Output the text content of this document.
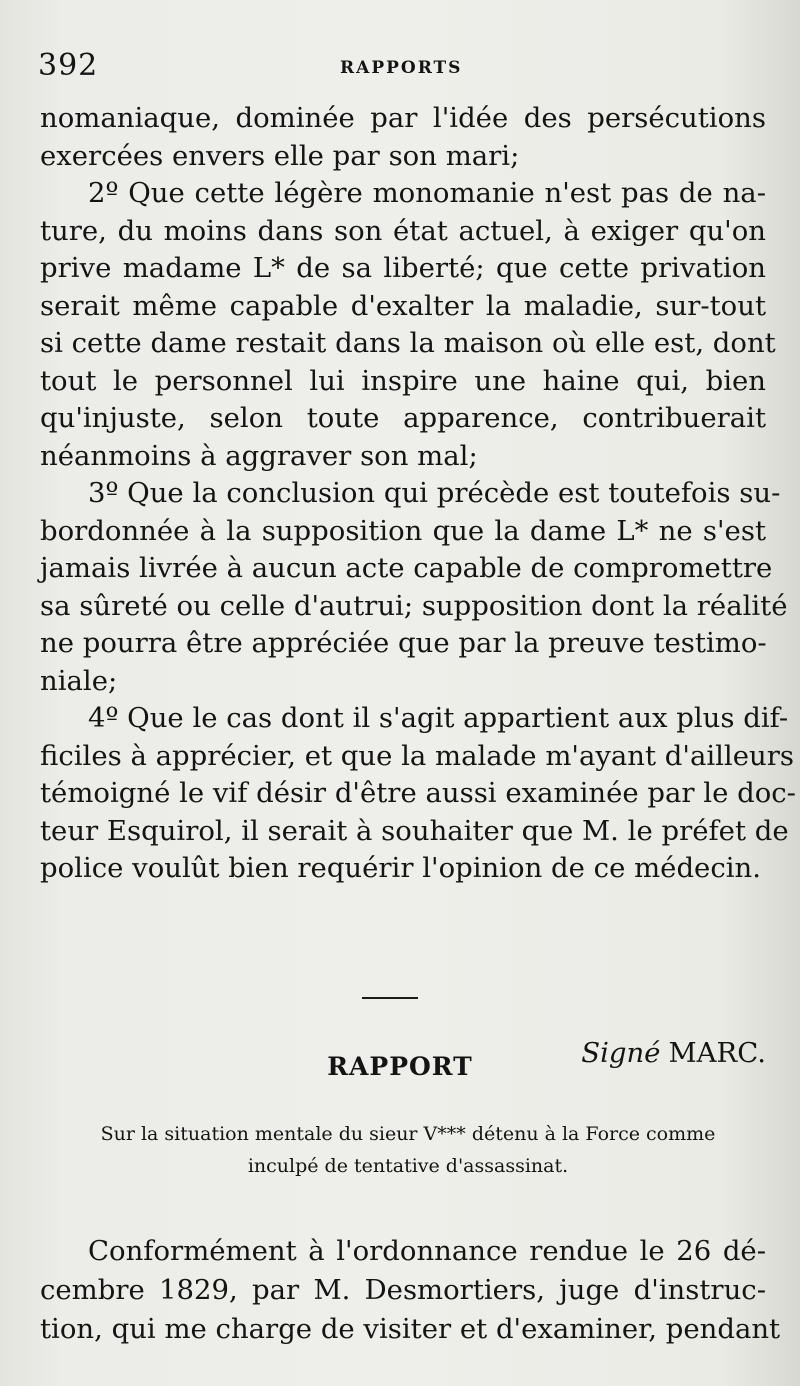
392	RAPPORTS
nomaniaque, dominée par l'idée des persécutions
exercées envers elle par son mari;
2º Que cette légère monomanie n'est pas de na-
ture, du moins dans son état actuel, à exiger qu'on
prive madame L* de sa liberté; que cette privation
serait même capable d'exalter la maladie, sur-tout
si cette dame restait dans la maison où elle est, dont
tout le personnel lui inspire une haine qui, bien
qu'injuste, selon toute apparence, contribuerait
néanmoins à aggraver son mal;
3º Que la conclusion qui précède est toutefois su-
bordonnée à la supposition que la dame L* ne s'est
jamais livrée à aucun acte capable de compromettre
sa sûreté ou celle d'autrui; supposition dont la réalité
ne pourra être appréciée que par la preuve testimo-
niale;
4º Que le cas dont il s'agit appartient aux plus dif-
ficiles à apprécier, et que la malade m'ayant d'ailleurs
témoigné le vif désir d'être aussi examinée par le doc-
teur Esquirol, il serait à souhaiter que M. le préfet de
police voulût bien requérir l'opinion de ce médecin.
Signé MARC.
RAPPORT
Sur la situation mentale du sieur V*** détenu à la Force comme
inculpé de tentative d'assassinat.
Conformément à l'ordonnance rendue le 26 dé-
cembre 1829, par M. Desmortiers, juge d'instruc-
tion, qui me charge de visiter et d'examiner, pendant
